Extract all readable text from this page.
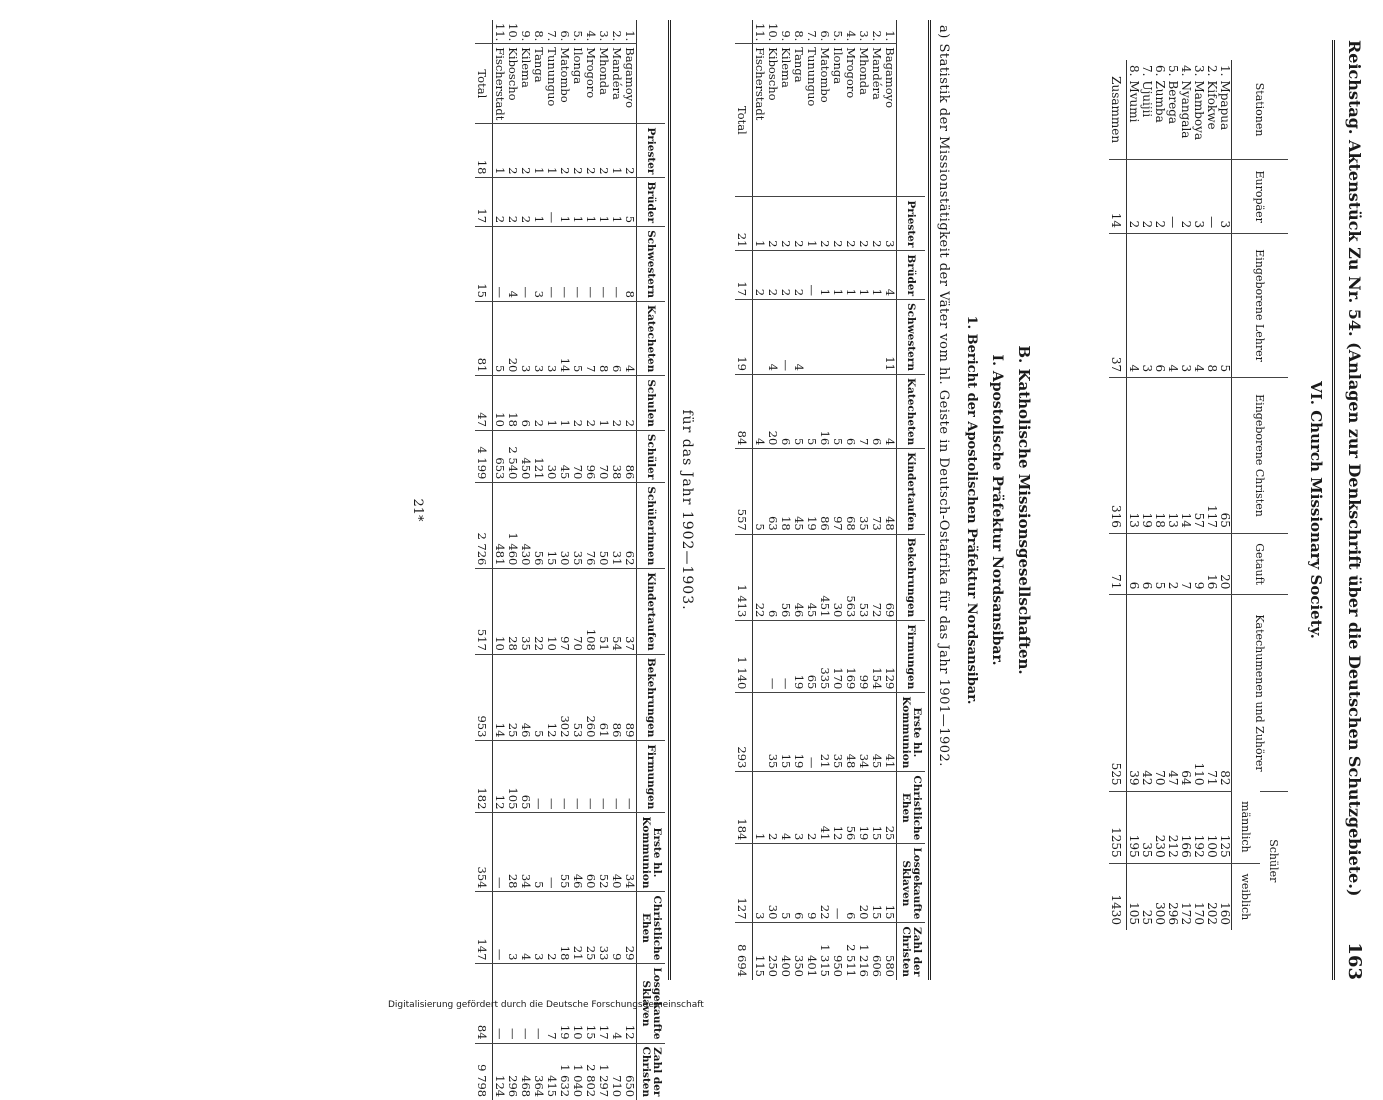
Reichstag. Aktenstück Zu Nr. 54. (Anlagen zur Denkschrift über die Deutschen Schutzgebiete.)
163
VI. Church Missionary Society.
Stationen	Europäer	Eingeborene Lehrer	Eingeborene Christen	Getauft	Katechumenen und Zuhörer	Schüler	
						männlich	weiblich
1.Mpapua	3	5	65	20	82	125	160
2.Kifokwe	—	8	117	16	71	100	202
3.Mamboya	3	4	57	9	110	192	170
4.Nyangala	2	3	14	7	64	166	172
5.Berega	—	4	13	2	47	212	296
6.Zumba	2	6	18	5	70	230	300
7.Ujuijii	2	3	19	6	42	35	25
8.Mvumi	2	4	13	6	39	195	105
Zusammen	14	37	316	71	525	1255	1430
B. Katholische Missionsgesellschaften.
I. Apostolische Präfektur Nordsansibar.
1. Bericht der Apostolischen Präfektur Nordsansibar.
a) Statistik der Missionstätigkeit der Väter vom hl. Geiste in Deutsch-Ostafrika für das Jahr 1901—1902.
		Priester	Brüder	Schwestern	Katecheten	Kindertaufen	Bekehrungen	Firmungen	Erste hl. Kommunion	Christliche Ehen	Losgekaufte Sklaven	Zahl der Christen
1.	Bagamoyo	3	4	11	4	48	69	129	41	25	15	580
2.	Mandéra	2	1		6	73	72	154	45	15	15	606
3.	Mhonda	2	1		7	35	53	99	34	19	20	1 216
4.	Mrogoro	2	1		6	68	563	169	48	56	6	2 511
5.	Ilonga	2	1		5	97	30	170	35	12	—	950
6.	Matombo	2	1		16	86	451	335	21	41	22	1 315
7.	Tununguo	1	—		5	19	45	65	—	2	9	401
8.	Tanga	2	2	4	5	45	46	19	19	3	6	350
9.	Kilema	2	2	—	6	18	56	—	15	4	5	400
10.	Kiboscho	2	2	4	20	63	6	—	35	2	30	250
11.	Fischerstadt	1	2		4	5	22			1	3	115
	Total	21	17	19	84	557	1 413	1 140	293	184	127	8 694
für das Jahr 1902—1903.
		Priester	Brüder	Schwestern	Katecheten	Schulen	Schüler	Schülerinnen	Kindertaufen	Bekehrungen	Firmungen	Erste hl. Kommunion	Christliche Ehen	Losgekaufte Sklaven	Zahl der Christen
1.	Bagamoyo	2	5	8	4	2	86	62	37	89	—	34	29	12	650
2.	Mandéra	1	1	—	6	2	38	31	54	86	—	40	9	4	710
3.	Mhonda	2	1	—	8	1	70	50	51	61	—	52	33	17	1 297
4.	Mrogoro	2	1	—	7	2	96	76	108	260	—	60	25	15	2 802
5.	Ilonga	2	1	—	5	2	70	35	70	53	—	46	21	10	1 040
6.	Matombo	2	1	—	14	1	45	30	97	302	—	55	18	19	1 632
7.	Tununguo	1	—	—	3	1	30	15	10	12	—	—	2	7	415
8.	Tanga	1	1	3	3	2	121	56	22	5	—	5	3	—	364
9.	Kilema	2	2	—	3	6	450	430	35	46	65	34	4	—	468
10.	Kiboscho	2	2	4	20	18	2 540	1 460	28	25	105	28	3	—	296
11.	Fischerstadt	1	2	—	5	10	653	481	10	14	12	—	—	—	124
	Total	18	17	15	81	47	4 199	2 726	517	953	182	354	147	84	9 798
21*
Digitalisierung gefördert durch die Deutsche Forschungsgemeinschaft
